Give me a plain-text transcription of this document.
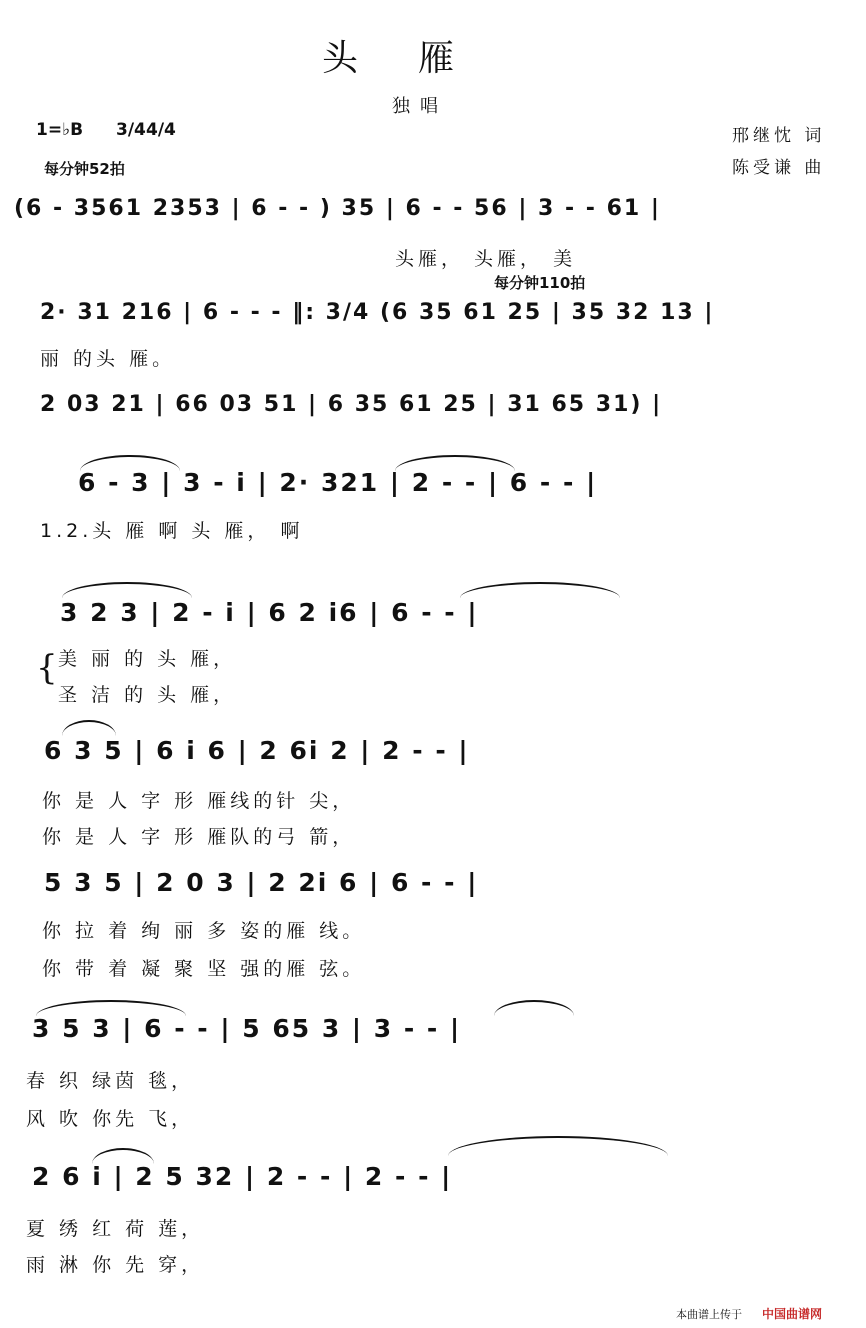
头雁
独唱
1=♭B 3/4 4/4
每分钟52拍
邢继忱 词
陈受谦 曲
(6 - 3561 2353 | 6 - - ) 35 | 6 - - 56 | 3 - - 61 |
头雁， 头雁， 美
每分钟110拍
2· 31 216 | 6 - - - ‖: 3/4 (6 35 61 25 | 35 32 13 |
丽 的头 雁。
2 03 21 | 66 03 51 | 6 35 61 25 | 31 65 31) |
6 - 3 | 3 - i | 2· 321 | 2 - - | 6 - - |
1.2.头 雁 啊 头 雁， 啊
3 2 3 | 2 - i | 6 2 i6 | 6 - - |
{ 美 丽 的 头 雁，
圣 洁 的 头 雁，
6 3 5 | 6 i 6 | 2 6i 2 | 2 - - |
你 是 人 字 形 雁线的针 尖，
你 是 人 字 形 雁队的弓 箭，
5 3 5 | 2 0 3 | 2 2i 6 | 6 - - |
你 拉 着 绚 丽 多 姿的雁 线。
你 带 着 凝 聚 坚 强的雁 弦。
3 5 3 | 6 - - | 5 65 3 | 3 - - |
春 织 绿茵 毯，
风 吹 你先 飞，
2 6 i | 2 5 32 | 2 - - | 2 - - |
夏 绣 红 荷 莲，
雨 淋 你 先 穿，
本曲谱上传于 中国曲谱网
